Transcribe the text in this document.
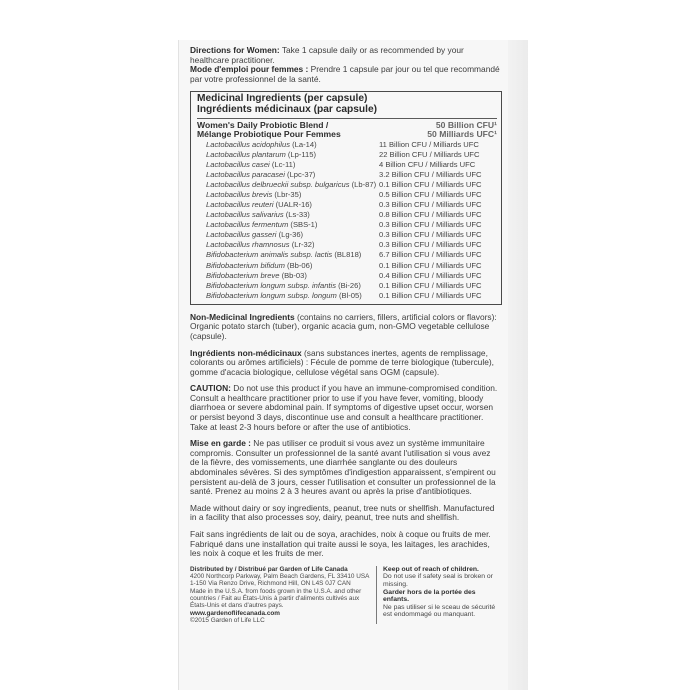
Directions for Women: Take 1 capsule daily or as recommended by your healthcare practitioner.
Mode d'emploi pour femmes : Prendre 1 capsule par jour ou tel que recommandé par votre professionnel de la santé.
Medicinal Ingredients (per capsule)
Ingrédients médicinaux (par capsule)
Women's Daily Probiotic Blend /	50 Billion CFU¹
Mélange Probiotique Pour Femmes	50 Milliards UFC¹
Lactobacillus acidophilus (La-14)	11 Billion CFU / Milliards UFC
Lactobacillus plantarum (Lp-115)	22 Billion CFU / Milliards UFC
Lactobacillus casei (Lc-11)	4 Billion CFU / Milliards UFC
Lactobacillus paracasei (Lpc-37)	3.2 Billion CFU / Milliards UFC
Lactobacillus delbrueckii subsp. bulgaricus (Lb-87) 0.1 Billion CFU / Milliards UFC
Lactobacillus brevis (Lbr-35)	0.5 Billion CFU / Milliards UFC
Lactobacillus reuteri (UALR-16)	0.3 Billion CFU / Milliards UFC
Lactobacillus salivarius (Ls-33)	0.8 Billion CFU / Milliards UFC
Lactobacillus fermentum (SBS-1)	0.3 Billion CFU / Milliards UFC
Lactobacillus gasseri (Lg-36)	0.3 Billion CFU / Milliards UFC
Lactobacillus rhamnosus (Lr-32)	0.3 Billion CFU / Milliards UFC
Bifidobacterium animalis subsp. lactis (BL818) 6.7 Billion CFU / Milliards UFC
Bifidobacterium bifidum (Bb-06)	0.1 Billion CFU / Milliards UFC
Bifidobacterium breve (Bb-03)	0.4 Billion CFU / Milliards UFC
Bifidobacterium longum subsp. infantis (Bi-26) 0.1 Billion CFU / Milliards UFC
Bifidobacterium longum subsp. longum (Bl-05) 0.1 Billion CFU / Milliards UFC
Non-Medicinal Ingredients (contains no carriers, fillers, artificial colors or flavors): Organic potato starch (tuber), organic acacia gum, non-GMO vegetable cellulose (capsule).
Ingrédients non-médicinaux (sans substances inertes, agents de remplissage, colorants ou arômes artificiels) : Fécule de pomme de terre biologique (tubercule), gomme d'acacia biologique, cellulose végétal sans OGM (capsule).
CAUTION: Do not use this product if you have an immune-compromised condition. Consult a healthcare practitioner prior to use if you have fever, vomiting, bloody diarrhoea or severe abdominal pain. If symptoms of digestive upset occur, worsen or persist beyond 3 days, discontinue use and consult a healthcare practitioner. Take at least 2-3 hours before or after the use of antibiotics.
Mise en garde : Ne pas utiliser ce produit si vous avez un système immunitaire compromis. Consulter un professionnel de la santé avant l'utilisation si vous avez de la fièvre, des vomissements, une diarrhée sanglante ou des douleurs abdominales sévères. Si des symptômes d'indigestion apparaissent, s'empirent ou persistent au-delà de 3 jours, cesser l'utilisation et consulter un professionnel de la santé. Prenez au moins 2 à 3 heures avant ou après la prise d'antibiotiques.
Made without dairy or soy ingredients, peanut, tree nuts or shellfish. Manufactured in a facility that also processes soy, dairy, peanut, tree nuts and shellfish.
Fait sans ingrédients de lait ou de soya, arachides, noix à coque ou fruits de mer. Fabriqué dans une installation qui traite aussi le soya, les laitages, les arachides, les noix à coque et les fruits de mer.
Distributed by / Distribué par Garden of Life Canada
4200 Northcorp Parkway, Palm Beach Gardens, FL 33410 USA
1-150 Via Renzo Drive, Richmond Hill, ON L4S 0J7 CAN
Made in the U.S.A. from foods grown in the U.S.A. and other countries / Fait au États-Unis à partir d'aliments cultivés aux États-Unis et dans d'autres pays. www.gardenoflifecanada.com
©2015 Garden of Life LLC
Keep out of reach of children.
Do not use if safety seal is broken or missing.
Garder hors de la portée des enfants.
Ne pas utiliser si le sceau de sécurité est endommagé ou manquant.
